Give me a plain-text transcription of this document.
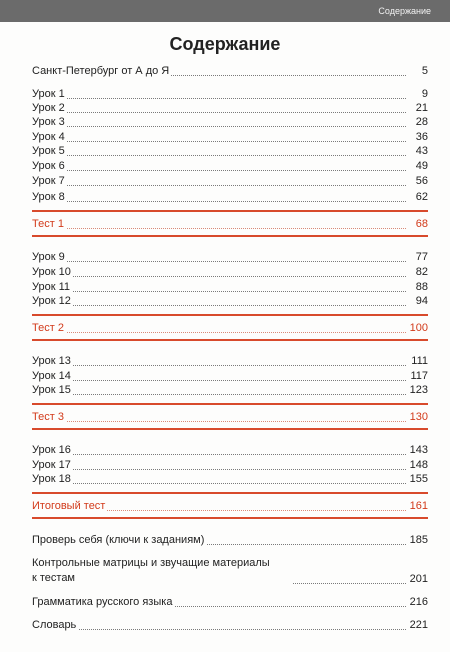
Содержание
Содержание
Санкт-Петербург от А до Я	5
Урок 1	9
Урок 2	21
Урок 3	28
Урок 4	36
Урок 5	43
Урок 6	49
Урок 7	56
Урок 8	62
Тест 1	68
Урок 9	77
Урок 10	82
Урок 11	88
Урок 12	94
Тест 2	100
Урок 13	111
Урок 14	117
Урок 15	123
Тест 3	130
Урок 16	143
Урок 17	148
Урок 18	155
Итоговый тест	161
Проверь себя (ключи к заданиям)	185
Контрольные матрицы и звучащие материалы
к тестам	201
Грамматика русского языка	216
Словарь	221
